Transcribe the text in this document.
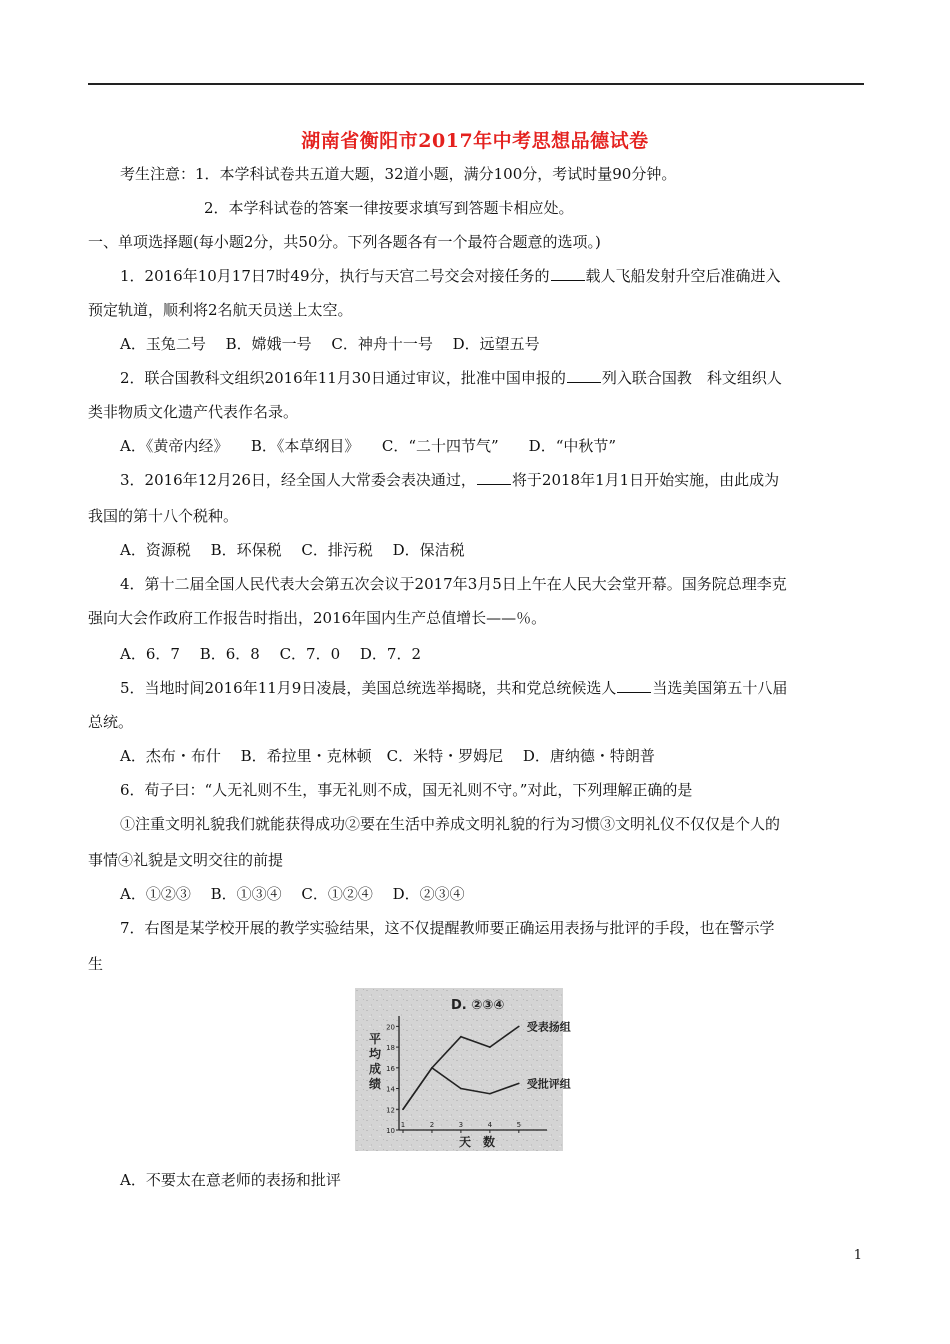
湖南省衡阳市2017年中考思想品德试卷
考生注意：1．本学科试卷共五道大题，32道小题，满分100分，考试时量90分钟。
2．本学科试卷的答案一律按要求填写到答题卡相应处。
一、单项选择题(每小题2分，共50分。下列各题各有一个最符合题意的选项。)
1．2016年10月17日7时49分，执行与天宫二号交会对接任务的 载人飞船发射升空后准确进入
预定轨道，顺利将2名航天员送上太空。
A．玉兔二号　 B．嫦娥一号　 C．神舟十一号　 D．远望五号
2．联合国教科文组织2016年11月30日通过审议，批准中国申报的 列入联合国教　科文组织人
类非物质文化遗产代表作名录。
A．《黄帝内经》　　B．《本草纲目》　　C．“二十四节气”　　D．“中秋节”
3．2016年12月26日，经全国人大常委会表决通过， 将于2018年1月1日开始实施，由此成为
我国的第十八个税种。
A．资源税　 B．环保税　 C．排污税　 D．保洁税
4．第十二届全国人民代表大会第五次会议于2017年3月5日上午在人民大会堂开幕。国务院总理李克
强向大会作政府工作报告时指出，2016年国内生产总值增长——％。
A．6．7　 B．6．8　 C．7．0　 D．7．2
5．当地时间2016年11月9日凌晨，美国总统选举揭晓，共和党总统候选人 当选美国第五十八届
总统。
A．杰布・布什　 B．希拉里・克林顿　C．米特・罗姆尼　 D．唐纳德・特朗普
6．荀子曰：“人无礼则不生，事无礼则不成，国无礼则不守。”对此，下列理解正确的是
①注重文明礼貌我们就能获得成功②要在生活中养成文明礼貌的行为习惯③文明礼仪不仅仅是个人的
事情④礼貌是文明交往的前提
A．①②③　 B．①③④　 C．①②④　 D．②③④
7．右图是某学校开展的教学实验结果，这不仅提醒教师要正确运用表扬与批评的手段，也在警示学
生
D. ②③④
平
均
成
绩
10
12
14
16
18
20
1	2	3	4	5
受表扬组
受批评组
天　数
A．不要太在意老师的表扬和批评
1
